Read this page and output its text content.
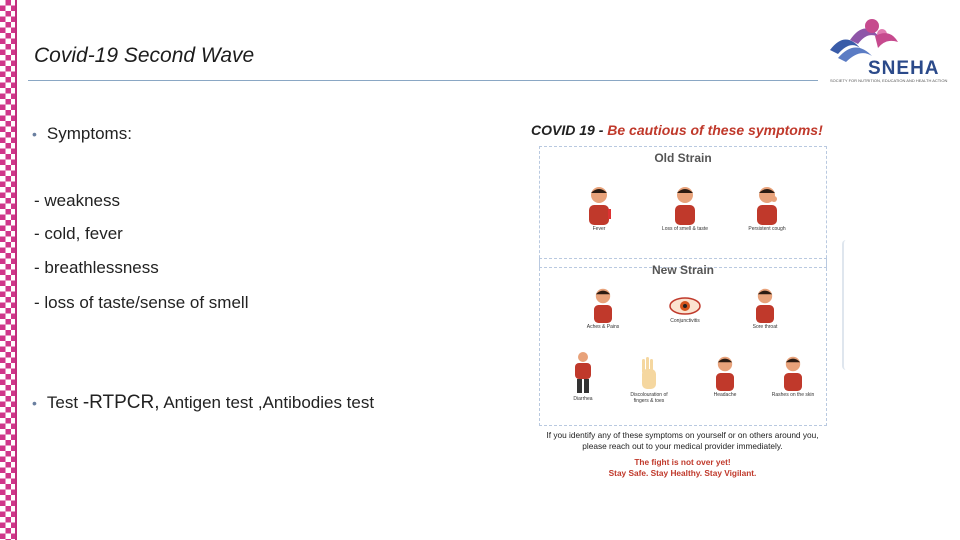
Covid-19 Second Wave
SNEHA
SOCIETY FOR NUTRITION, EDUCATION AND HEALTH ACTION
• Symptoms:
- weakness
- cold, fever
- breathlessness
- loss of taste/sense of smell
• Test -RTPCR, Antigen test ,Antibodies test
COVID 19 - Be cautious of these symptoms!
Old Strain
Fever	Loss of smell & taste	Persistent cough
New Strain
Aches & Pains
Conjunctivitis
Sore throat
Diarrhea
Discolouration of fingers & toes
Headache	Rashes on the skin
If you identify any of these symptoms on yourself or on others around you,
please reach out to your medical provider immediately.
The fight is not over yet!
Stay Safe. Stay Healthy. Stay Vigilant.
